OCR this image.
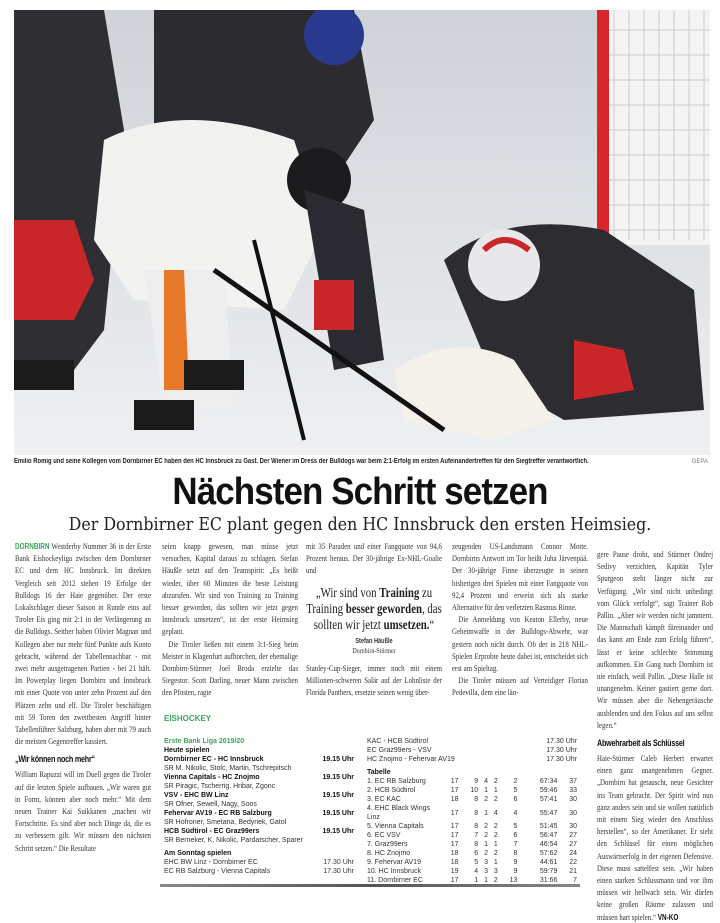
Emilio Romig und seine Kollegen vom Dornbirner EC haben den HC Innsbruck zu Gast. Der Wiener im Dress der Bulldogs war beim 2:1-Erfolg im ersten Aufeinandertreffen für den Siegtreffer verantwortlich.	GEPA
Nächsten Schritt setzen
Der Dornbirner EC plant gegen den HC Innsbruck den ersten Heimsieg.

DORNBIRN Westderby Nummer 36 in der Erste Bank Eishockeyliga zwischen dem Dornbirner EC und dem HC Innsbruck. Im direkten Vergleich seit 2012 stehen 19 Erfolge der Bulldogs 16 der Haie gegenüber. Der erste Lokalschlager dieser Saison in Runde eins auf Tiroler Eis ging mit 2:1 in der Verlängerung an die Bulldogs. Seither haben Olivier Magnan und Kollegen aber nur mehr fünf Punkte aufs Konto gebracht, während der Tabellennachbar - mit zwei mehr ausgetragenen Partien - bei 21 hält. Im Powerplay liegen Dornbirn und Innsbruck mit einer Quote von unter zehn Prozent auf den Plätzen zehn und elf. Die Tiroler beschäftigen mit 59 Toren den zweitbesten Angriff hinter Tabellenführer Salzburg, haben aber mit 79 auch die meisten Gegentreffer kassiert.

„Wir können noch mehr“

William Rapuzzi will im Duell gegen die Tiroler auf die letzten Spiele aufbauen. „Wir waren gut in Form, können aber noch mehr.“ Mit dem neuen Trainer Kai Suikkanen „machen wir Fortschritte. Es sind aber noch Dinge da, die es zu verbessern gilt. Wir müssen den nächsten Schritt setzen.“ Die Resultate

seien knapp gewesen, man müsse jetzt versuchen, Kapital daraus zu schlagen. Stefan Häußle setzt auf den Teamspirit: „Es heißt wieder, über 60 Minuten die beste Leistung abzurufen. Wir sind von Training zu Training besser geworden, das sollten wir jetzt gegen Innsbruck umsetzen“, ist der erste Heimsieg geplant.

Die Tiroler ließen mit einem 3:1-Sieg beim Meister in Klagenfurt aufhorchen, der ehemalige Dornbirn-Stürmer Joel Broda erzielte das Siegestor. Scott Darling, neuer Mann zwischen den Pfosten, ragte

mit 35 Paraden und einer Fangquote von 94,6 Prozent heraus. Der 30-jährige Ex-NHL-Goalie und

„Wir sind von Training zu Training besser geworden, das sollten wir jetzt umsetzen.“
Stefan Häußle
Dornbirn-Stürmer

Stanley-Cup-Sieger, immer noch mit einem Millionen-schweren Salär auf der Lohnliste der Florida Panthers, ersetzte seinen wenig über-

zeugenden US-Landsmann Connor Motte. Dornbirns Antwort im Tor heißt Juha Järvenpää. Der 30-jährige Finne überzeugte in seinen bisherigen drei Spielen mit einer Fangquote von 92,4 Prozent und erweist sich als starke Alternative für den verletzten Rasmus Rinne.

Die Anmeldung von Keaton Ellerby, neue Geheimwaffe in der Bulldogs-Abwehr, war gestern noch nicht durch. Ob der in 218 NHL-Spielen Erprobte heute dabei ist, entscheidet sich erst am Spieltag.

Die Tiroler müssen auf Verteidiger Florian Pedevilla, dem eine län-

gere Pause droht, und Stürmer Ondrej Sedivy verzichten, Kapitän Tyler Spurgeon steht länger nicht zur Verfügung. „Wir sind nicht unbedingt vom Glück verfolgt“, sagt Trainer Rob Pallin. „Aber wir werden nicht jammern. Die Mannschaft kämpft füreinander und das kann am Ende zum Erfolg führen“, lässt er keine schlechte Stimmung aufkommen. Ein Gang nach Dornbirn ist nie einfach, weiß Pallin. „Diese Halle ist unangenehm. Keiner gastiert gerne dort. Wir müssen aber die Nebengeräusche ausblenden und den Fokus auf uns selbst legen.“

Abwehrarbeit als Schlüssel

Haie-Stürmer Caleb Herbert erwartet einen ganz unangenehmen Gegner. „Dornbirn hat getauscht, neue Gesichter ins Team gebracht. Der Spirit wird nun ganz anders sein und sie wollen natürlich mit einem Sieg wieder den Anschluss herstellen“, so der Amerikaner. Er sieht den Schlüssel für einen möglichen Auswärtserfolg in der eigenen Defensive. Diese muss sattelfest sein. „Wir haben einen starken Schlussmann und vor ihm müssen wir hellwach sein. Wir dürfen keine großen Räume zulassen und müssen hart spielen.“ VN-KO

EISHOCKEY
Erste Bank Liga 2019/20
Heute spielen
Dornbirner EC - HC Innsbruck	19.15 Uhr
SR M. Nikolic, Stolc, Martin, Tschrepitsch
Vienna Capitals - HC Znojmo	19.15 Uhr
SR Piragic, Tscherrig, Hribar, Zgonc
VSV - EHC BW Linz	19.15 Uhr
SR Ofner, Sewell, Nagy, Soos
Fehervar AV19 - EC RB Salzburg	19.15 Uhr
SR Hofroner, Smetana, Bedynek, Gatol
HCB Südtirol - EC Graz99ers	19.15 Uhr
SR Berneker, K. Nikolic, Pardatscher, Sparer
Am Sonntag spielen
EHC BW Linz - Dornbirner EC	17.30 Uhr
EC RB Salzburg - Vienna Capitals	17.30 Uhr
KAC - HCB Südtirol	17.30 Uhr
EC Graz99ers - VSV	17.30 Uhr
HC Znojmo - Fehervar AV19	17.30 Uhr
Tabelle
1. EC RB Salzburg	17	9	4	2	2	67:34	37
2. HCB Südtirol	17	10	1	1	5	59:46	33
3. EC KAC	18	8	2	2	6	57:41	30
4. EHC Black Wings Linz	17	8	1	4	4	55:47	30
5. Vienna Capitals	17	8	2	2	5	51:45	30
6. EC VSV	17	7	2	2	6	56:47	27
7. Graz99ers	17	8	1	1	7	46:54	27
8. HC Znojmo	18	6	2	2	8	57:62	24
9. Fehervar AV19	18	5	3	1	9	44:61	22
10. HC Innsbruck	19	4	3	3	9	59:79	21
11. Dornbirner EC	17	1	1	2	13	31:66	7
